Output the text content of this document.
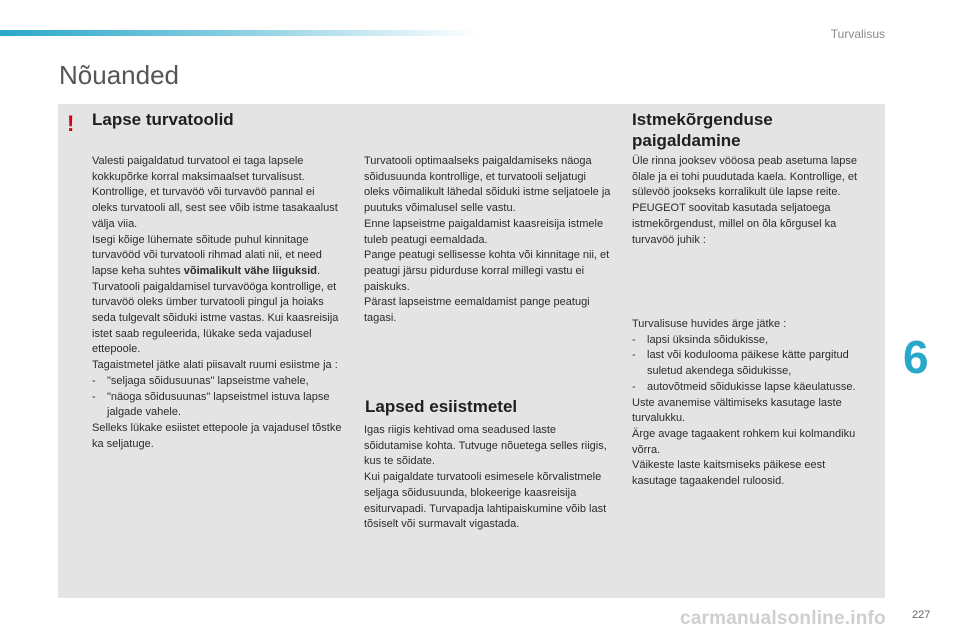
Turvalisus
Nõuanded
! Lapse turvatoolid

Valesti paigaldatud turvatool ei taga lapsele kokkupõrke korral maksimaalset turvalisust. Kontrollige, et turvavöö või turvavöö pannal ei oleks turvatooli all, sest see võib istme tasakaalust välja viia.

Isegi kõige lühemate sõitude puhul kinnitage turvavööd või turvatooli rihmad alati nii, et need lapse keha suhtes võimalikult vähe liiguksid.

Turvatooli paigaldamisel turvavööga kontrollige, et turvavöö oleks ümber turvatooli pingul ja hoiaks seda tulgevalt sõiduki istme vastas. Kui kaasreisija istet saab reguleerida, lükake seda vajadusel ettepoole.

Tagaistmetel jätke alati piisavalt ruumi esiistme ja :

- "seljaga sõidusuunas" lapseistme vahele,

- "näoga sõidusuunas" lapseistmel istuva lapse jalgade vahele.

Selleks lükake esiistet ettepoole ja vajadusel tõstke ka seljatuge.

Turvatooli optimaalseks paigaldamiseks näoga sõidusuunda kontrollige, et turvatooli seljatugi oleks võimalikult lähedal sõiduki istme seljatoele ja puutuks võimalusel selle vastu.

Enne lapseistme paigaldamist kaasreisija istmele tuleb peatugi eemaldada.

Pange peatugi sellisesse kohta või kinnitage nii, et peatugi järsu pidurduse korral millegi vastu ei paiskuks.

Pärast lapseistme eemaldamist pange peatugi tagasi.

Lapsed esiistmetel

Igas riigis kehtivad oma seadused laste sõidutamise kohta. Tutvuge nõuetega selles riigis, kus te sõidate.

Kui paigaldate turvatooli esimesele kõrvalistmele seljaga sõidusuunda, blokeerige kaasreisija esiturvapadi. Turvapadja lahtipaiskumine võib last tõsiselt või surmavalt vigastada.

Istmekõrgenduse paigaldamine

Üle rinna jooksev vööosa peab asetuma lapse õlale ja ei tohi puudutada kaela. Kontrollige, et sülevöö jookseks korralikult üle lapse reite.

PEUGEOT soovitab kasutada seljatoega istmekõrgendust, millel on õla kõrgusel ka turvavöö juhik :

Turvalisuse huvides ärge jätke :

- lapsi üksinda sõidukisse,

- last või koduloomа päikese kätte pargitud suletud akendega sõidukisse,

- autovõtmeid sõidukisse lapse käeulatusse.

Uste avanemise vältimiseks kasutage laste turvalukku.

Ärge avage tagaakent rohkem kui kolmandiku võrra.

Väikeste laste kaitsmiseks päikese eest kasutage tagaakendel ruloosid.

6
carmanualsonline.info 227
